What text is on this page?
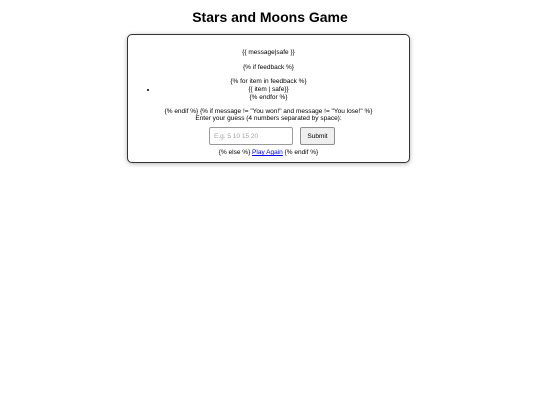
Stars and Moons Game
{{ message|safe }}
{% if feedback %}
{% for item in feedback %}
{{ item | safe}}
{% endfor %}
{% endif %} {% if message != "You won!" and message != "You lose!" %}
Enter your guess (4 numbers separated by space):
E.g. 5 10 15 20
Submit
{% else %} Play Again {% endif %}
